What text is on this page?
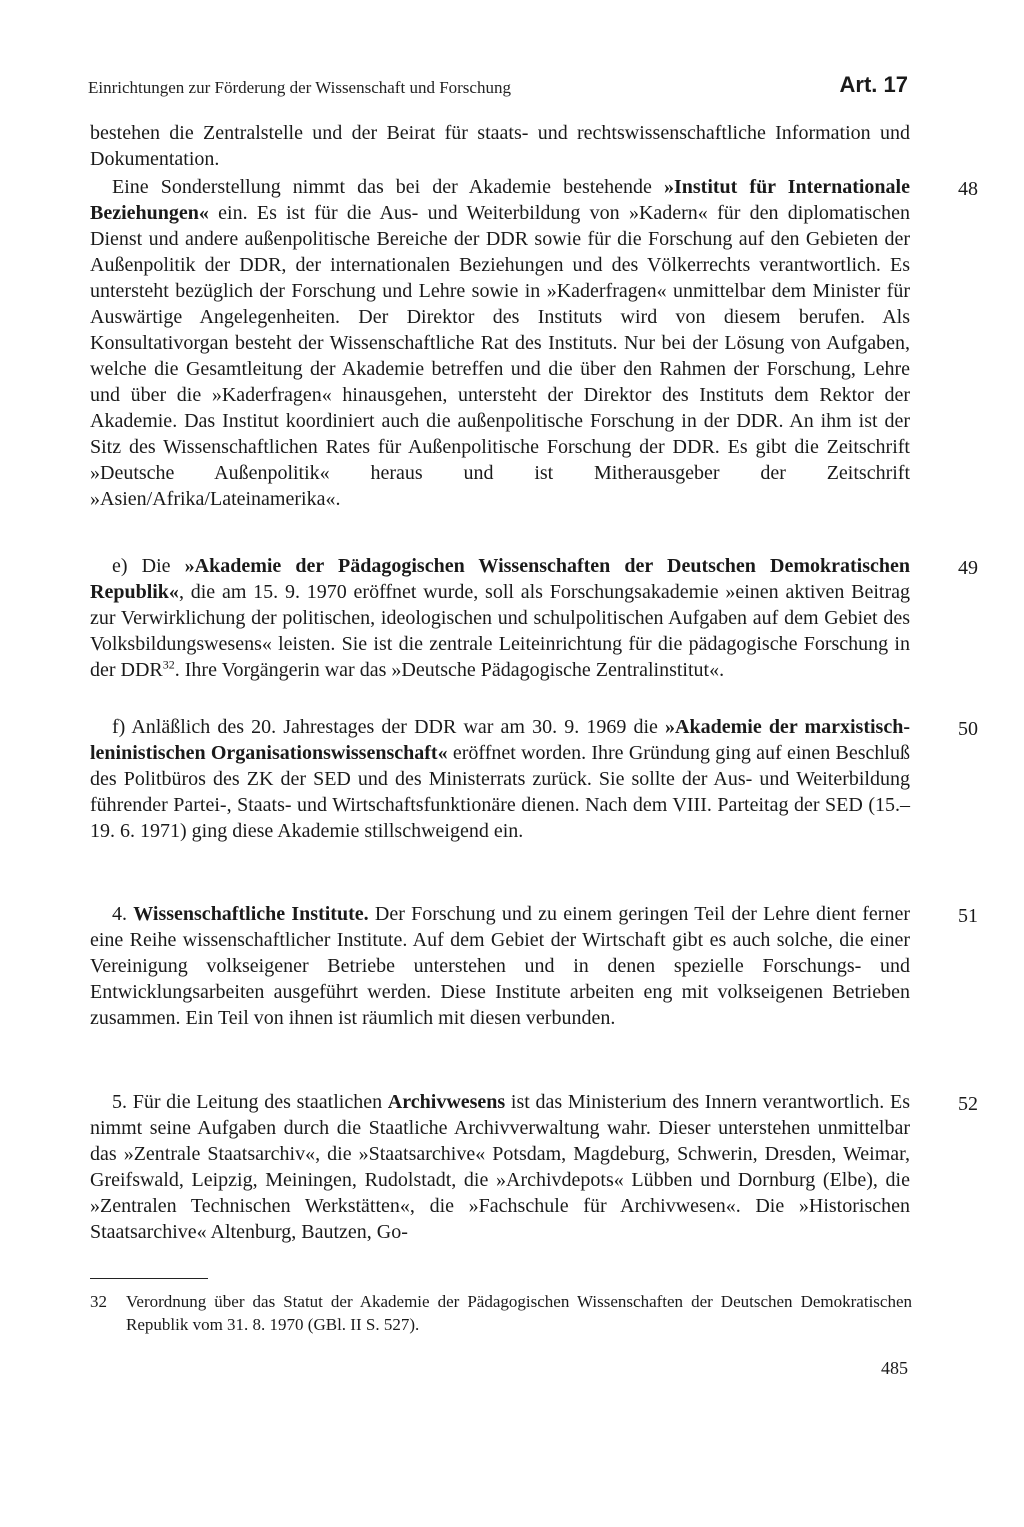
Einrichtungen zur Förderung der Wissenschaft und Forschung	Art. 17

bestehen die Zentralstelle und der Beirat für staats- und rechtswissenschaftliche Information und Dokumentation.

48

Eine Sonderstellung nimmt das bei der Akademie bestehende »Institut für Internationale Beziehungen« ein. Es ist für die Aus- und Weiterbildung von »Kadern« für den diplomatischen Dienst und andere außenpolitische Bereiche der DDR sowie für die Forschung auf den Gebieten der Außenpolitik der DDR, der internationalen Beziehungen und des Völkerrechts verantwortlich. Es untersteht bezüglich der Forschung und Lehre sowie in »Kaderfragen« unmittelbar dem Minister für Auswärtige Angelegenheiten. Der Direktor des Instituts wird von diesem berufen. Als Konsultativorgan besteht der Wissenschaftliche Rat des Instituts. Nur bei der Lösung von Aufgaben, welche die Gesamtleitung der Akademie betreffen und die über den Rahmen der Forschung, Lehre und über die »Kaderfragen« hinausgehen, untersteht der Direktor des Instituts dem Rektor der Akademie. Das Institut koordiniert auch die außenpolitische Forschung in der DDR. An ihm ist der Sitz des Wissenschaftlichen Rates für Außenpolitische Forschung der DDR. Es gibt die Zeitschrift »Deutsche Außenpolitik« heraus und ist Mitherausgeber der Zeitschrift »Asien/Afrika/Lateinamerika«.

49

e) Die »Akademie der Pädagogischen Wissenschaften der Deutschen Demokratischen Republik«, die am 15. 9. 1970 eröffnet wurde, soll als Forschungsakademie »einen aktiven Beitrag zur Verwirklichung der politischen, ideologischen und schulpolitischen Aufgaben auf dem Gebiet des Volksbildungswesens« leisten. Sie ist die zentrale Leiteinrichtung für die pädagogische Forschung in der DDR$^{32}$. Ihre Vorgängerin war das »Deutsche Pädagogische Zentralinstitut«.

50

f) Anläßlich des 20. Jahrestages der DDR war am 30. 9. 1969 die »Akademie der marxistisch-leninistischen Organisationswissenschaft« eröffnet worden. Ihre Gründung ging auf einen Beschluß des Politbüros des ZK der SED und des Ministerrats zurück. Sie sollte der Aus- und Weiterbildung führender Partei-, Staats- und Wirtschaftsfunktionäre dienen. Nach dem VIII. Parteitag der SED (15.–19. 6. 1971) ging diese Akademie stillschweigend ein.

51

4. Wissenschaftliche Institute. Der Forschung und zu einem geringen Teil der Lehre dient ferner eine Reihe wissenschaftlicher Institute. Auf dem Gebiet der Wirtschaft gibt es auch solche, die einer Vereinigung volkseigener Betriebe unterstehen und in denen spezielle Forschungs- und Entwicklungsarbeiten ausgeführt werden. Diese Institute arbeiten eng mit volkseigenen Betrieben zusammen. Ein Teil von ihnen ist räumlich mit diesen verbunden.

52

5. Für die Leitung des staatlichen Archivwesens ist das Ministerium des Innern verantwortlich. Es nimmt seine Aufgaben durch die Staatliche Archivverwaltung wahr. Dieser unterstehen unmittelbar das »Zentrale Staatsarchiv«, die »Staatsarchive« Potsdam, Magdeburg, Schwerin, Dresden, Weimar, Greifswald, Leipzig, Meiningen, Rudolstadt, die »Archivdepots« Lübben und Dornburg (Elbe), die »Zentralen Technischen Werkstätten«, die »Fachschule für Archivwesen«. Die »Historischen Staatsarchive« Altenburg, Bautzen, Go-

32 Verordnung über das Statut der Akademie der Pädagogischen Wissenschaften der Deutschen Demokratischen Republik vom 31. 8. 1970 (GBl. II S. 527).
485
